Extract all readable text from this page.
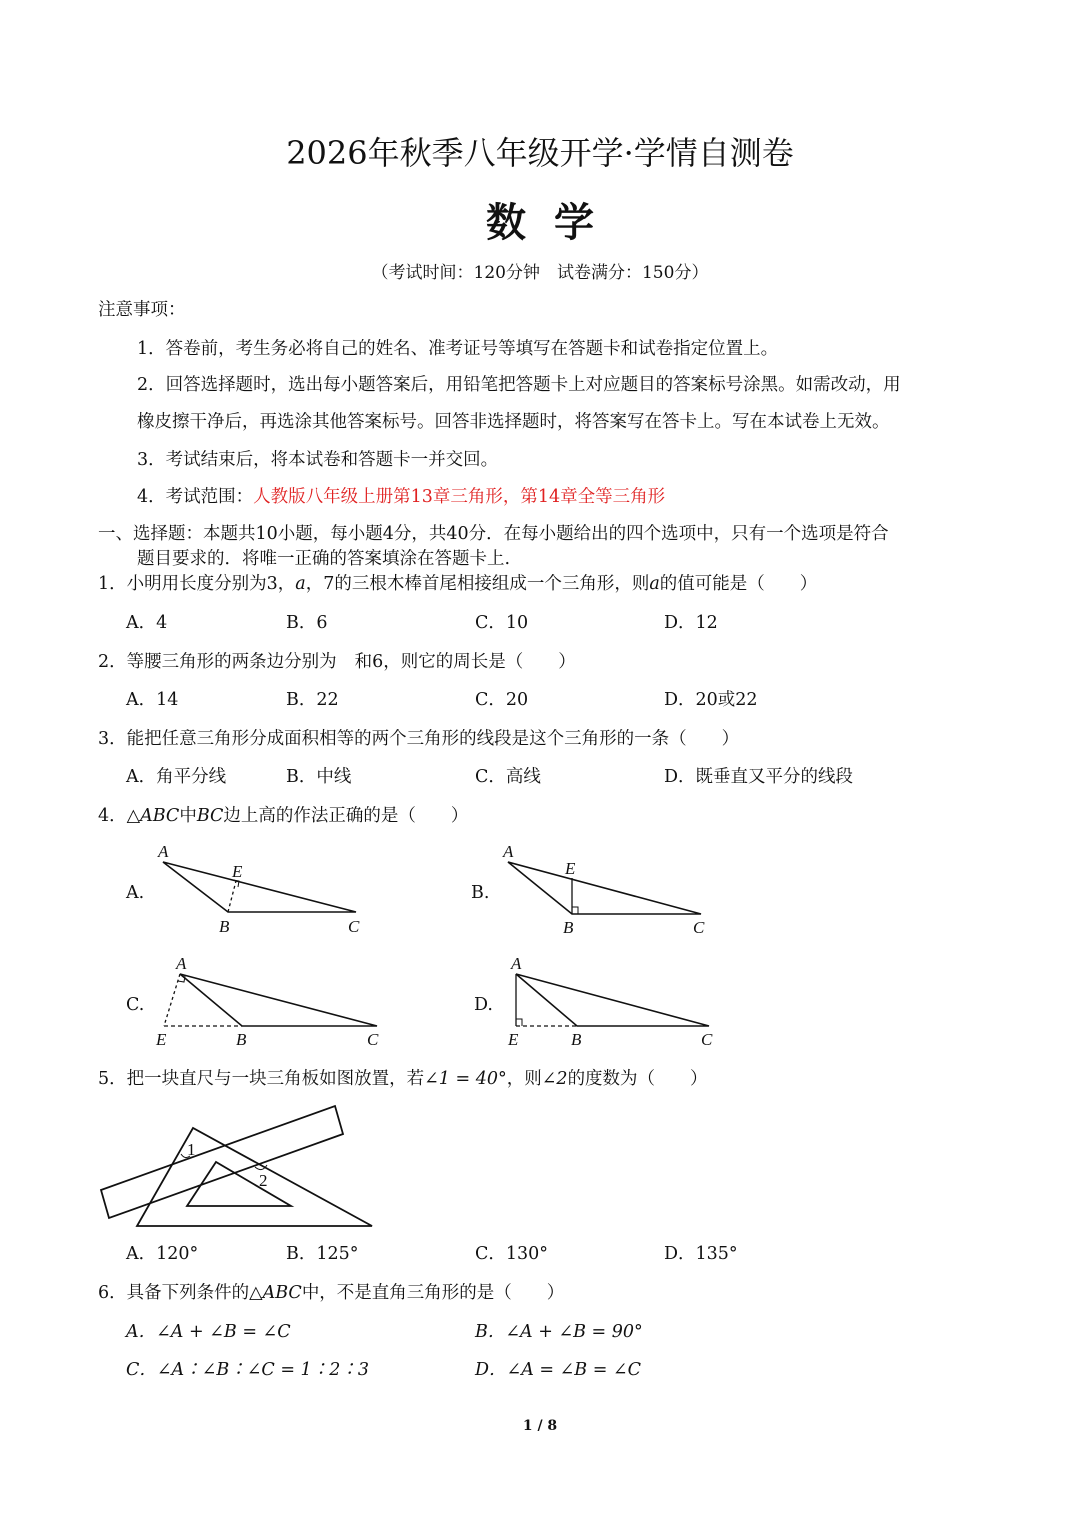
2026年秋季八年级开学·学情自测卷
数学
（考试时间：120分钟　试卷满分：150分）
注意事项：
1．答卷前，考生务必将自己的姓名、准考证号等填写在答题卡和试卷指定位置上。
2．回答选择题时，选出每小题答案后，用铅笔把答题卡上对应题目的答案标号涂黑。如需改动，用
橡皮擦干净后，再选涂其他答案标号。回答非选择题时，将答案写在答卡上。写在本试卷上无效。
3．考试结束后，将本试卷和答题卡一并交回。
4．考试范围：人教版八年级上册第13章三角形，第14章全等三角形
一、选择题：本题共10小题，每小题4分，共40分．在每小题给出的四个选项中，只有一个选项是符合
题目要求的．将唯一正确的答案填涂在答题卡上.
1．小明用长度分别为3，a，7的三根木棒首尾相接组成一个三角形，则a的值可能是（　　）
A．4	B．6	C．10	D．12
2．等腰三角形的两条边分别为 和6，则它的周长是（　　）
A．14	B．22	C．20	D．20或22
3．能把任意三角形分成面积相等的两个三角形的线段是这个三角形的一条（　　）
A．角平分线	B．中线	C．高线	D．既垂直又平分的线段
4．△ABC中BC边上高的作法正确的是（　　）
A.	B.
C.	D.
A
E
B	C
A
E
B	C
A
E	B	C
A
E	B	C
5．把一块直尺与一块三角板如图放置，若∠1 = 40°，则∠2的度数为（　　）
1
2
A．120°	B．125°	C．130°	D．135°
6．具备下列条件的△ABC中，不是直角三角形的是（　　）
A．∠A + ∠B = ∠C	B．∠A + ∠B = 90°
C．∠A∶∠B∶∠C = 1∶2∶3	D．∠A = ∠B = ∠C
1 / 8
